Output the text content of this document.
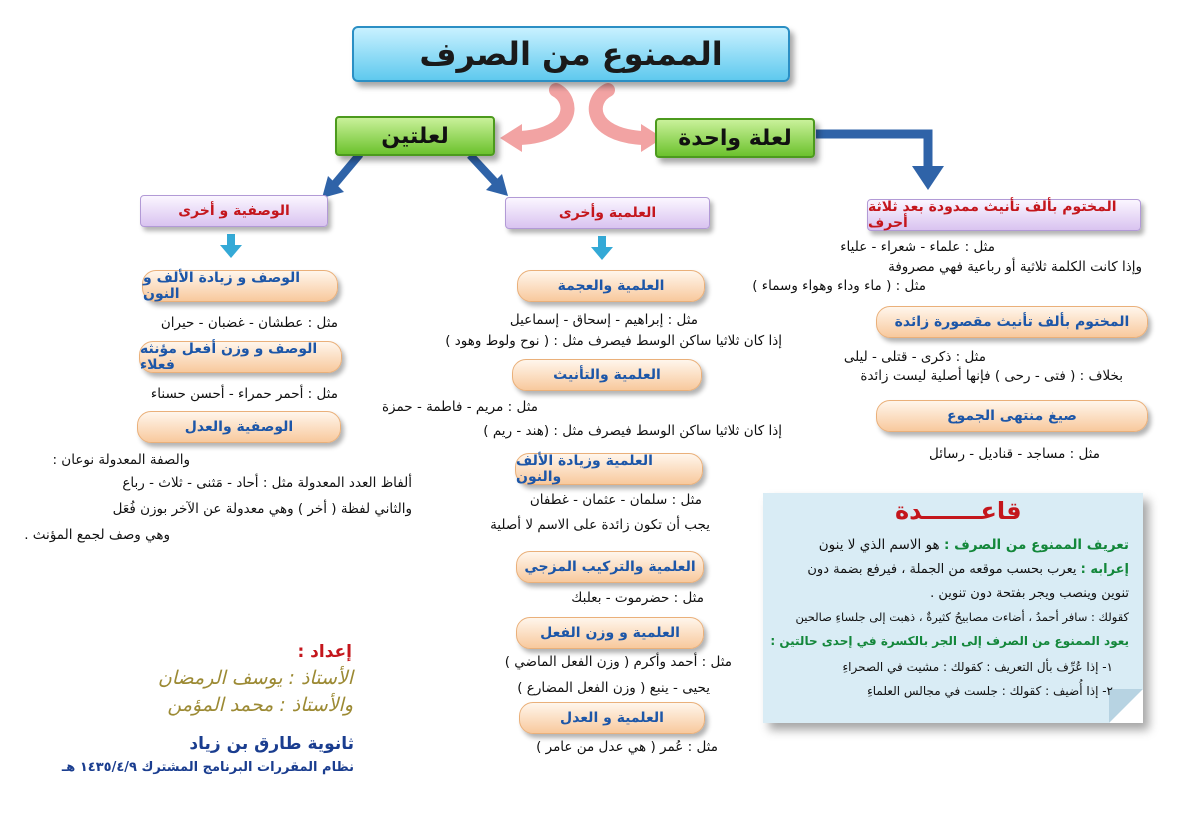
الممنوع من الصرف
لعلتين	لعلة واحدة
المختوم بألف تأنيث ممدودة بعد ثلاثة أحرف
مثل : علماء - شعراء - علياء
وإذا كانت الكلمة ثلاثية أو رباعية فهي مصروفة
مثل : ( ماء وداء وهواء وسماء )
المختوم بألف تأنيث مقصورة زائدة
مثل : ذكرى - قتلى - ليلى
بخلاف : ( فتى - رحى ) فإنها أصلية ليست زائدة
صيغ منتهى الجموع
مثل : مساجد - قناديل - رسائل
العلمية وأخرى
العلمية والعجمة
مثل : إبراهيم - إسحاق - إسماعيل
إذا كان ثلاثيا ساكن الوسط فيصرف مثل : ( نوح ولوط وهود )
العلمية والتأنيث
مثل : مريم - فاطمة - حمزة
إذا كان ثلاثيا ساكن الوسط فيصرف مثل : (هند - ريم )
العلمية وزيادة الألف والنون
مثل : سلمان - عثمان - غطفان
يجب أن تكون زائدة على الاسم لا أصلية
العلمية والتركيب المزجي
مثل : حضرموت - بعلبك
العلمية و وزن الفعل
مثل : أحمد وأكرم ( وزن الفعل الماضي )
يحيى - ينبع ( وزن الفعل المضارع )
العلمية و العدل
مثل : عُمر ( هي عدل من عامر )
الوصفية و أخرى
الوصف و زيادة الألف و النون
مثل : عطشان - غضبان - حيران
الوصف و وزن أفعل مؤنثه فعلاء
مثل : أحمر حمراء - أحسن حسناء
الوصفية والعدل
والصفة المعدولة نوعان :
ألفاظ العدد المعدولة مثل : أحاد - مَثنى - ثلاث - رباع
والثاني لفظة ( أخر ) وهي معدولة عن الآخر بوزن فُعَل
وهي وصف لجمع المؤنث .
قاعـــــــدة
تعريف الممنوع من الصرف : هو الاسم الذي لا ينون
إعرابه : يعرب بحسب موقعه من الجملة ، فيرفع بضمة دون
تنوين وينصب ويجر بفتحة دون تنوين .
كقولك : سافر أحمدُ ، أضاءت مصابيحُ كثيرةٌ ، ذهبت إلى جلساءِ صالحين
يعود الممنوع من الصرف إلى الجر بالكسرة في إحدى حالتين :
١- إذا عُرِّف بأل التعريف : كقولك : مشيت في الصحراءِ
٢- إذا أُضيف : كقولك : جلست في مجالس العلماءِ
إعداد :
الأستاذ : يوسف الرمضان
والأستاذ : محمد المؤمن
ثانوية طارق بن زياد
نظام المقررات البرنامج المشترك ١٤٣٥/٤/٩ هـ
